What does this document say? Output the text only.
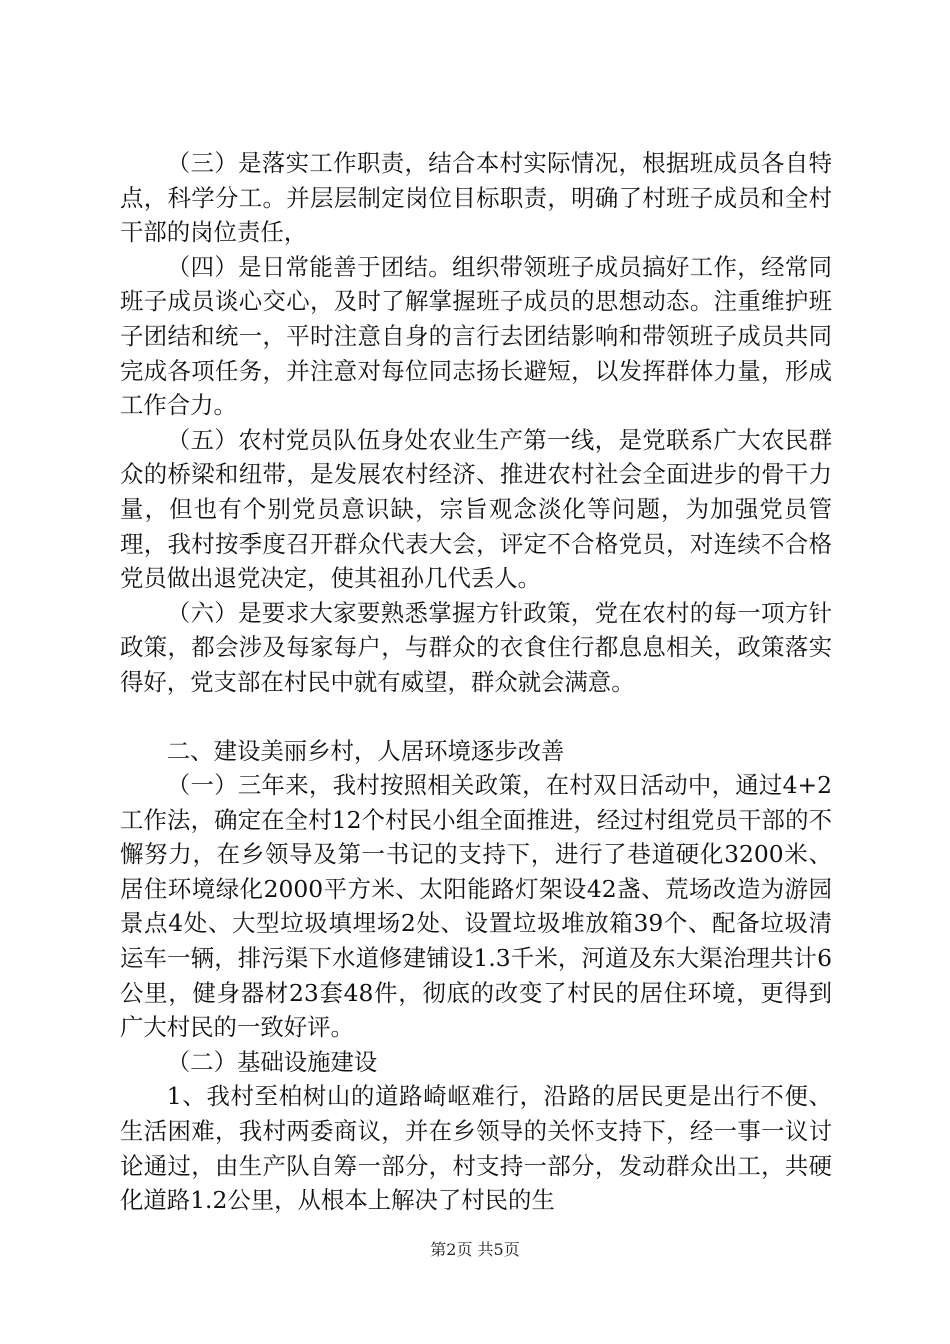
（三）是落实工作职责，结合本村实际情况，根据班成员各自特点，科学分工。并层层制定岗位目标职责，明确了村班子成员和全村干部的岗位责任，

（四）是日常能善于团结。组织带领班子成员搞好工作，经常同班子成员谈心交心，及时了解掌握班子成员的思想动态。注重维护班子团结和统一，平时注意自身的言行去团结影响和带领班子成员共同完成各项任务，并注意对每位同志扬长避短，以发挥群体力量，形成工作合力。

（五）农村党员队伍身处农业生产第一线，是党联系广大农民群众的桥梁和纽带，是发展农村经济、推进农村社会全面进步的骨干力量，但也有个别党员意识缺，宗旨观念淡化等问题，为加强党员管理，我村按季度召开群众代表大会，评定不合格党员，对连续不合格党员做出退党决定，使其祖孙几代丢人。

（六）是要求大家要熟悉掌握方针政策，党在农村的每一项方针政策，都会涉及每家每户，与群众的衣食住行都息息相关，政策落实得好，党支部在村民中就有威望，群众就会满意。

二、建设美丽乡村，人居环境逐步改善

（一）三年来，我村按照相关政策，在村双日活动中，通过4+2工作法，确定在全村12个村民小组全面推进，经过村组党员干部的不懈努力，在乡领导及第一书记的支持下，进行了巷道硬化3200米、居住环境绿化2000平方米、太阳能路灯架设42盏、荒场改造为游园景点4处、大型垃圾填埋场2处、设置垃圾堆放箱39个、配备垃圾清运车一辆，排污渠下水道修建铺设1.3千米，河道及东大渠治理共计6公里，健身器材23套48件，彻底的改变了村民的居住环境，更得到广大村民的一致好评。

（二）基础设施建设

1、我村至柏树山的道路崎岖难行，沿路的居民更是出行不便、生活困难，我村两委商议，并在乡领导的关怀支持下，经一事一议讨论通过，由生产队自筹一部分，村支持一部分，发动群众出工，共硬化道路1.2公里，从根本上解决了村民的生

第2页 共5页
